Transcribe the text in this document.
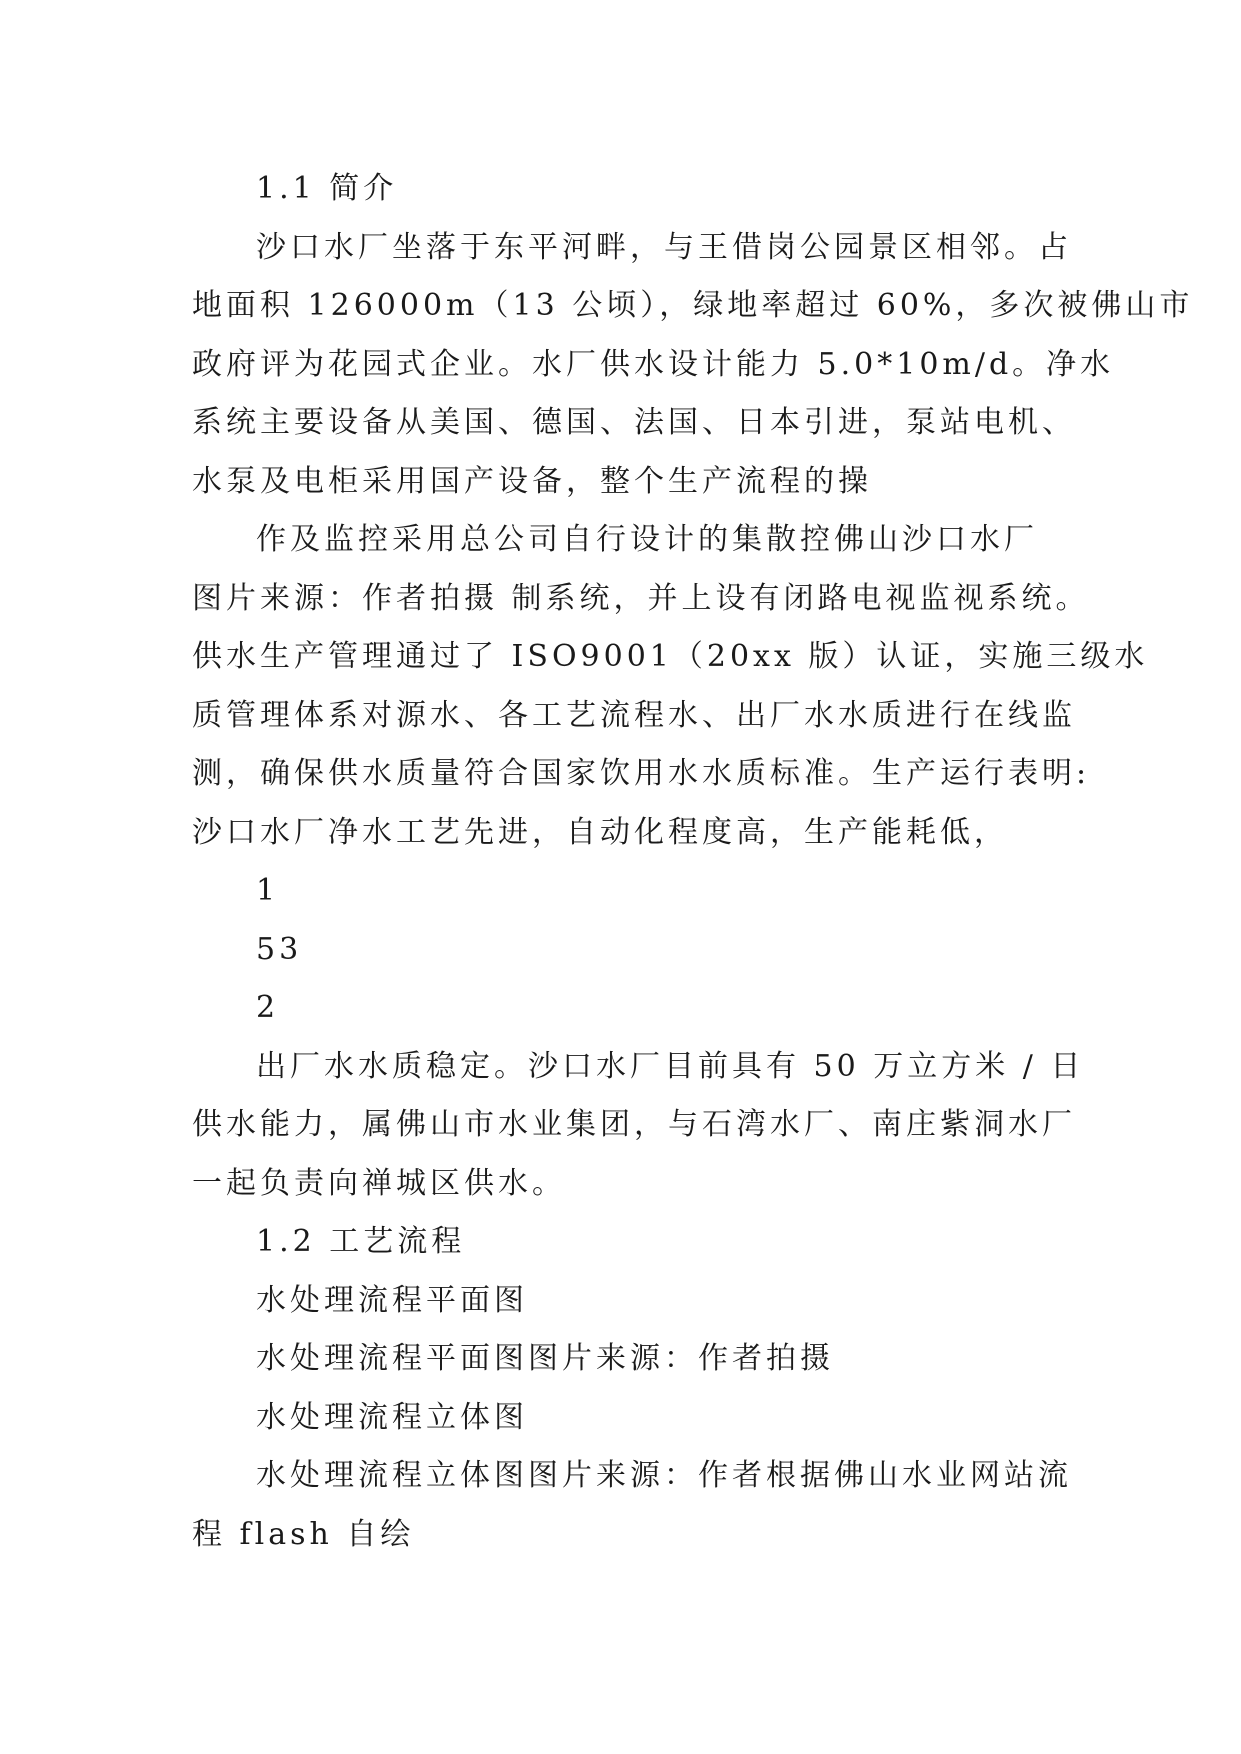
1.1 简介

沙口水厂坐落于东平河畔，与王借岗公园景区相邻。占

地面积 126000m（13 公顷），绿地率超过 60%，多次被佛山市

政府评为花园式企业。水厂供水设计能力 5.0*10m/d。净水

系统主要设备从美国、德国、法国、日本引进，泵站电机、

水泵及电柜采用国产设备，整个生产流程的操

作及监控采用总公司自行设计的集散控佛山沙口水厂

图片来源：作者拍摄 制系统，并上设有闭路电视监视系统。

供水生产管理通过了 ISO9001（20xx 版）认证，实施三级水

质管理体系对源水、各工艺流程水、出厂水水质进行在线监

测，确保供水质量符合国家饮用水水质标准。生产运行表明:

沙口水厂净水工艺先进，自动化程度高，生产能耗低，

1

53

2

出厂水水质稳定。沙口水厂目前具有 50 万立方米 / 日

供水能力，属佛山市水业集团，与石湾水厂、南庄紫洞水厂

一起负责向禅城区供水。

1.2 工艺流程

水处理流程平面图

水处理流程平面图图片来源：作者拍摄

水处理流程立体图

水处理流程立体图图片来源：作者根据佛山水业网站流

程 flash 自绘
